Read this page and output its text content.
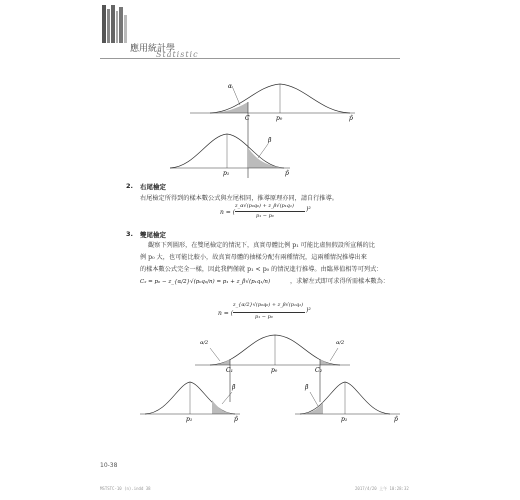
應用統計學
Statistic
α
C	p₀	p̂
β
p₁	p̂
2. 右尾檢定
右尾檢定所得到的樣本數公式與左尾相同，推導原理亦同，請自行推導。
n = (
z_α√(p₀q₀) + z_β√(p₁q₁)
p₁ − p₀
)²
3. 雙尾檢定
觀察下列圖形，在雙尾檢定的情況下，真實母體比例 p₁ 可能比虛無假設所宣稱的比
例 p₀ 大，也可能比較小，故真實母體的抽樣分配有兩種情況，這兩種情況推導出來
的樣本數公式完全一樣，因此我們僅就 p₁ < p₀ 的情況進行推導。由臨界值相等可列式：
C₂ = p₀ − z_{α/2}√(p₀q₀/n) = p₁ + z_β√(p₁q₁/n)	，求解左式即可求得所需樣本數為：
n = (
z_{α/2}√(p₀q₀) + z_β√(p₁q₁)
p₁ − p₀
)²
α/2	α/2
C₁	p₀	C₂
β
p₁	p̂
β
p₁	p̂
10-38
MSTSTC-10 (n).indd 38	2017/4/20 上午 10:28:32
